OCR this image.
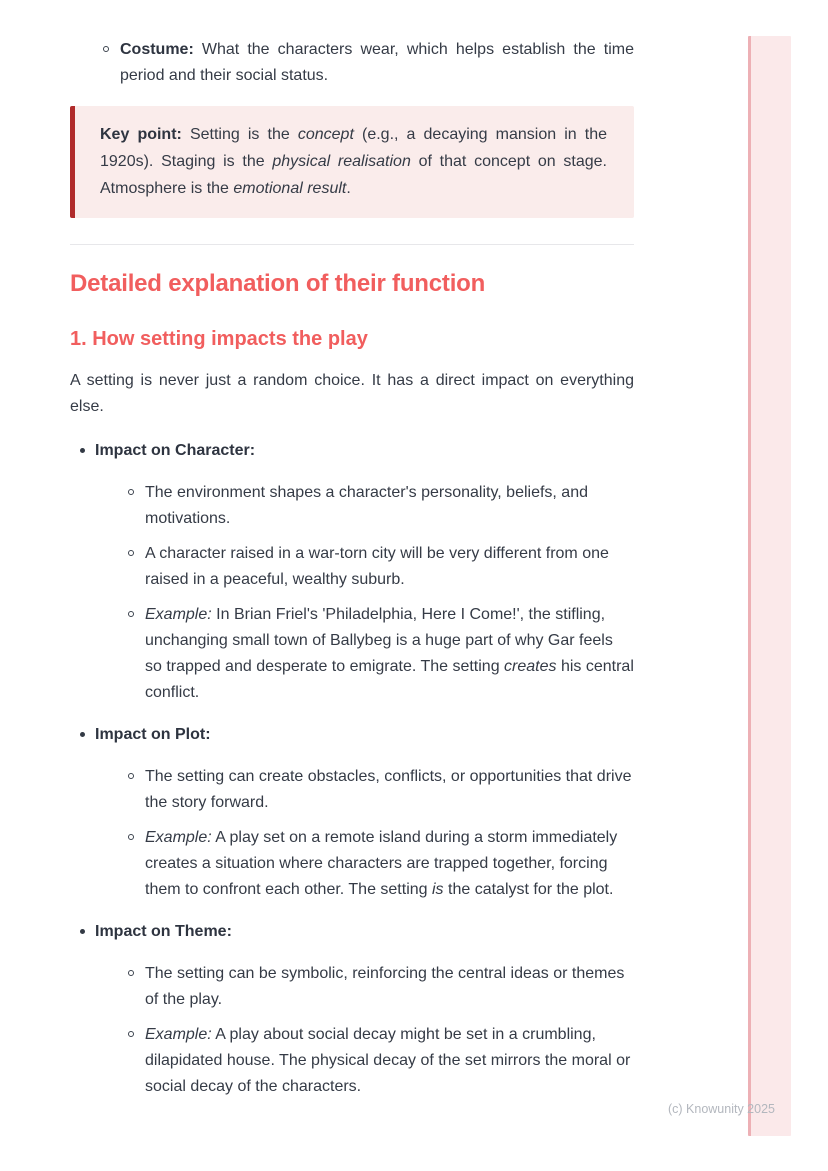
Costume: What the characters wear, which helps establish the time period and their social status.

Key point: Setting is the concept (e.g., a decaying mansion in the 1920s). Staging is the physical realisation of that concept on stage. Atmosphere is the emotional result.

Detailed explanation of their function
1. How setting impacts the play

A setting is never just a random choice. It has a direct impact on everything else.

Impact on Character:

The environment shapes a character's personality, beliefs, and motivations.

A character raised in a war-torn city will be very different from one raised in a peaceful, wealthy suburb.

Example: In Brian Friel's 'Philadelphia, Here I Come!', the stifling, unchanging small town of Ballybeg is a huge part of why Gar feels so trapped and desperate to emigrate. The setting creates his central conflict.

Impact on Plot:

The setting can create obstacles, conflicts, or opportunities that drive the story forward.

Example: A play set on a remote island during a storm immediately creates a situation where characters are trapped together, forcing them to confront each other. The setting is the catalyst for the plot.

Impact on Theme:

The setting can be symbolic, reinforcing the central ideas or themes of the play.

Example: A play about social decay might be set in a crumbling, dilapidated house. The physical decay of the set mirrors the moral or social decay of the characters.

(c) Knowunity 2025
